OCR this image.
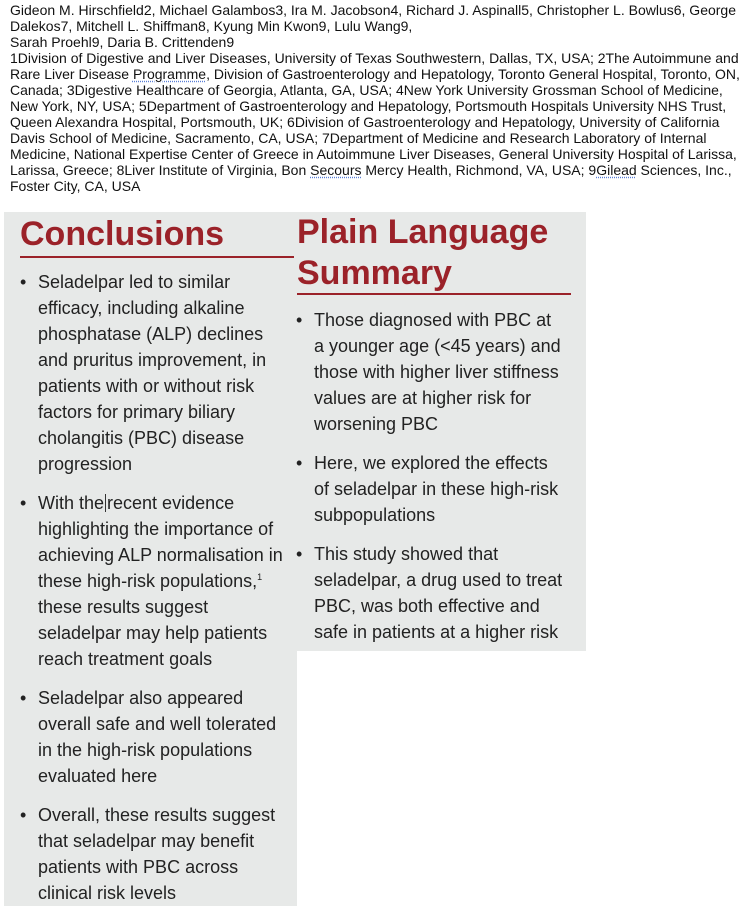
Gideon M. Hirschfield2, Michael Galambos3, Ira M. Jacobson4, Richard J. Aspinall5, Christopher L. Bowlus6, George
Dalekos7, Mitchell L. Shiffman8, Kyung Min Kwon9, Lulu Wang9,
Sarah Proehl9, Daria B. Crittenden9
1Division of Digestive and Liver Diseases, University of Texas Southwestern, Dallas, TX, USA; 2The Autoimmune and
Rare Liver Disease Programme, Division of Gastroenterology and Hepatology, Toronto General Hospital, Toronto, ON,
Canada; 3Digestive Healthcare of Georgia, Atlanta, GA, USA; 4New York University Grossman School of Medicine,
New York, NY, USA; 5Department of Gastroenterology and Hepatology, Portsmouth Hospitals University NHS Trust,
Queen Alexandra Hospital, Portsmouth, UK; 6Division of Gastroenterology and Hepatology, University of California
Davis School of Medicine, Sacramento, CA, USA; 7Department of Medicine and Research Laboratory of Internal
Medicine, National Expertise Center of Greece in Autoimmune Liver Diseases, General University Hospital of Larissa,
Larissa, Greece; 8Liver Institute of Virginia, Bon Secours Mercy Health, Richmond, VA, USA; 9Gilead Sciences, Inc.,
Foster City, CA, USA
Conclusions
• Seladelpar led to similar efficacy, including alkaline phosphatase (ALP) declines and pruritus improvement, in patients with or without risk factors for primary biliary cholangitis (PBC) disease progression
• With the recent evidence highlighting the importance of achieving ALP normalisation in these high-risk populations,$^1$ these results suggest seladelpar may help patients reach treatment goals
• Seladelpar also appeared overall safe and well tolerated in the high-risk populations evaluated here
• Overall, these results suggest that seladelpar may benefit patients with PBC across clinical risk levels
Plain Language
Summary
• Those diagnosed with PBC at a younger age (<45 years) and those with higher liver stiffness values are at higher risk for worsening PBC
• Here, we explored the effects of seladelpar in these high-risk subpopulations
• This study showed that seladelpar, a drug used to treat PBC, was both effective and safe in patients at a higher risk
